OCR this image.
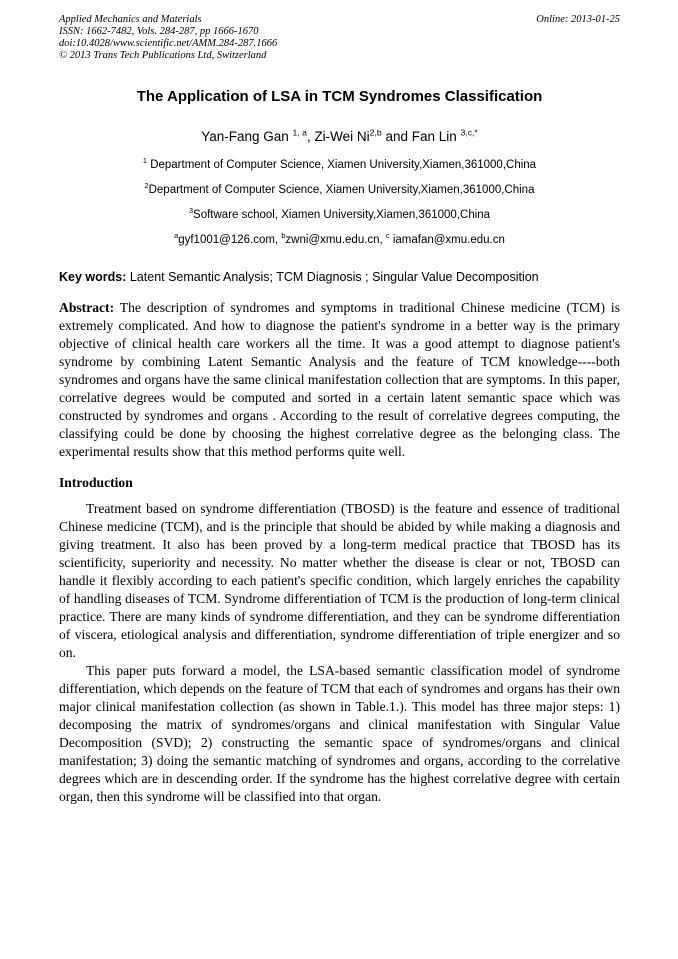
Applied Mechanics and Materials
ISSN: 1662-7482, Vols. 284-287, pp 1666-1670
doi:10.4028/www.scientific.net/AMM.284-287.1666
© 2013 Trans Tech Publications Ltd, Switzerland
Online: 2013-01-25
The Application of LSA in TCM Syndromes Classification
Yan-Fang Gan $^{1, a}$, Zi-Wei Ni$^{2,b}$ and Fan Lin $^{3,c,*}$
$^1$ Department of Computer Science, Xiamen University,Xiamen,361000,China
$^2$Department of Computer Science, Xiamen University,Xiamen,361000,China
$^3$Software school, Xiamen University,Xiamen,361000,China
$^a$gyf1001@126.com, $^b$zwni@xmu.edu.cn, $^c$ iamafan@xmu.edu.cn

Key words: Latent Semantic Analysis; TCM Diagnosis ; Singular Value Decomposition

Abstract: The description of syndromes and symptoms in traditional Chinese medicine (TCM) is extremely complicated. And how to diagnose the patient's syndrome in a better way is the primary objective of clinical health care workers all the time. It was a good attempt to diagnose patient's syndrome by combining Latent Semantic Analysis and the feature of TCM knowledge----both syndromes and organs have the same clinical manifestation collection that are symptoms. In this paper, correlative degrees would be computed and sorted in a certain latent semantic space which was constructed by syndromes and organs . According to the result of correlative degrees computing, the classifying could be done by choosing the highest correlative degree as the belonging class. The experimental results show that this method performs quite well.

Introduction

Treatment based on syndrome differentiation (TBOSD) is the feature and essence of traditional Chinese medicine (TCM), and is the principle that should be abided by while making a diagnosis and giving treatment. It also has been proved by a long-term medical practice that TBOSD has its scientificity, superiority and necessity. No matter whether the disease is clear or not, TBOSD can handle it flexibly according to each patient's specific condition, which largely enriches the capability of handling diseases of TCM. Syndrome differentiation of TCM is the production of long-term clinical practice. There are many kinds of syndrome differentiation, and they can be syndrome differentiation of viscera, etiological analysis and differentiation, syndrome differentiation of triple energizer and so on.

This paper puts forward a model, the LSA-based semantic classification model of syndrome differentiation, which depends on the feature of TCM that each of syndromes and organs has their own major clinical manifestation collection (as shown in Table.1.). This model has three major steps: 1) decomposing the matrix of syndromes/organs and clinical manifestation with Singular Value Decomposition (SVD); 2) constructing the semantic space of syndromes/organs and clinical manifestation; 3) doing the semantic matching of syndromes and organs, according to the correlative degrees which are in descending order. If the syndrome has the highest correlative degree with certain organ, then this syndrome will be classified into that organ.
